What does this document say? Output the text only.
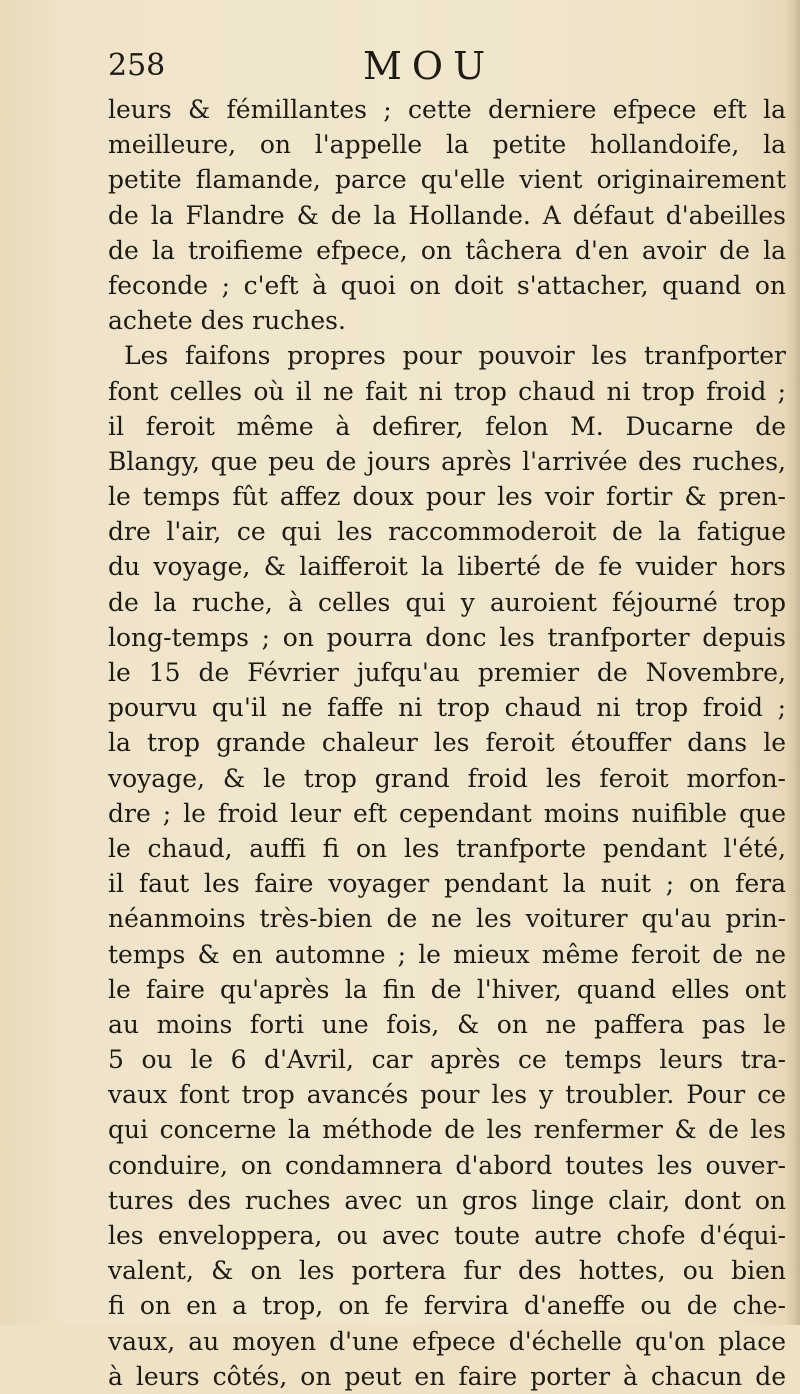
258	MOU
leurs & fémillantes ; cette derniere efpece eft la
meilleure, on l'appelle la petite hollandoife, la
petite flamande, parce qu'elle vient originairement
de la Flandre & de la Hollande. A défaut d'abeilles
de la troifieme efpece, on tâchera d'en avoir de la
feconde ; c'eft à quoi on doit s'attacher, quand on
achete des ruches.
Les faifons propres pour pouvoir les tranfporter
font celles où il ne fait ni trop chaud ni trop froid ;
il feroit même à defirer, felon M. Ducarne de
Blangy, que peu de jours après l'arrivée des ruches,
le temps fût affez doux pour les voir fortir & pren-
dre l'air, ce qui les raccommoderoit de la fatigue
du voyage, & laifferoit la liberté de fe vuider hors
de la ruche, à celles qui y auroient féjourné trop
long-temps ; on pourra donc les tranfporter depuis
le 15 de Février jufqu'au premier de Novembre,
pourvu qu'il ne faffe ni trop chaud ni trop froid ;
la trop grande chaleur les feroit étouffer dans le
voyage, & le trop grand froid les feroit morfon-
dre ; le froid leur eft cependant moins nuifible que
le chaud, auffi fi on les tranfporte pendant l'été,
il faut les faire voyager pendant la nuit ; on fera
néanmoins très-bien de ne les voiturer qu'au prin-
temps & en automne ; le mieux même feroit de ne
le faire qu'après la fin de l'hiver, quand elles ont
au moins forti une fois, & on ne paffera pas le
5 ou le 6 d'Avril, car après ce temps leurs tra-
vaux font trop avancés pour les y troubler. Pour ce
qui concerne la méthode de les renfermer & de les
conduire, on condamnera d'abord toutes les ouver-
tures des ruches avec un gros linge clair, dont on
les enveloppera, ou avec toute autre chofe d'équi-
valent, & on les portera fur des hottes, ou bien
fi on en a trop, on fe fervira d'aneffe ou de che-
vaux, au moyen d'une efpece d'échelle qu'on place
à leurs côtés, on peut en faire porter à chacun de
